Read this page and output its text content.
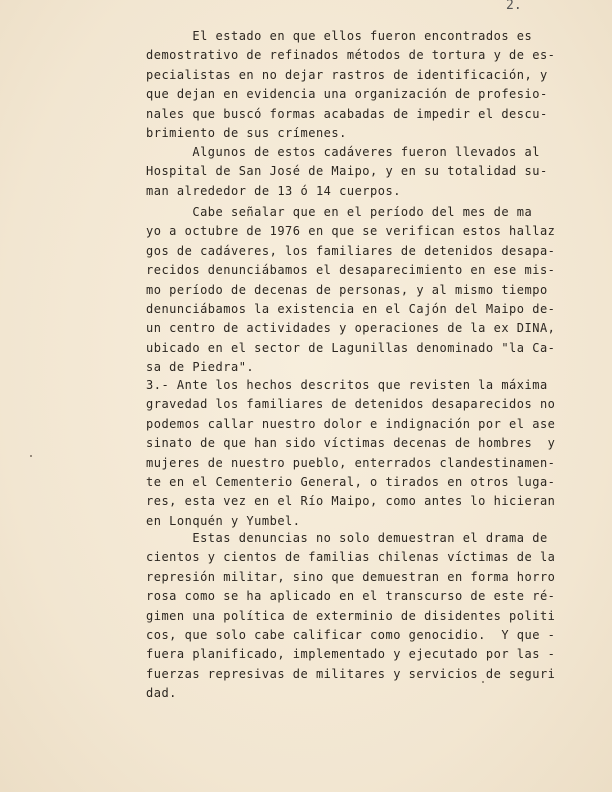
2.
El estado en que ellos fueron encontrados es
demostrativo de refinados métodos de tortura y de es-
pecialistas en no dejar rastros de identificación, y
que dejan en evidencia una organización de profesio-
nales que buscó formas acabadas de impedir el descu-
brimiento de sus crímenes.
Algunos de estos cadáveres fueron llevados al
Hospital de San José de Maipo, y en su totalidad su-
man alrededor de 13 ó 14 cuerpos.
Cabe señalar que en el período del mes de ma
yo a octubre de 1976 en que se verifican estos hallaz
gos de cadáveres, los familiares de detenidos desapa-
recidos denunciábamos el desaparecimiento en ese mis-
mo período de decenas de personas, y al mismo tiempo
denunciábamos la existencia en el Cajón del Maipo de-
un centro de actividades y operaciones de la ex DINA,
ubicado en el sector de Lagunillas denominado "la Ca-
sa de Piedra".
3.- Ante los hechos descritos que revisten la máxima
gravedad los familiares de detenidos desaparecidos no
podemos callar nuestro dolor e indignación por el ase
sinato de que han sido víctimas decenas de hombres  y
mujeres de nuestro pueblo, enterrados clandestinamen-
te en el Cementerio General, o tirados en otros luga-
res, esta vez en el Río Maipo, como antes lo hicieran
en Lonquén y Yumbel.
Estas denuncias no solo demuestran el drama de
cientos y cientos de familias chilenas víctimas de la
represión militar, sino que demuestran en forma horro
rosa como se ha aplicado en el transcurso de este ré-
gimen una política de exterminio de disidentes politi
cos, que solo cabe calificar como genocidio.  Y que -
fuera planificado, implementado y ejecutado por las -
fuerzas represivas de militares y servicios de seguri
dad.
